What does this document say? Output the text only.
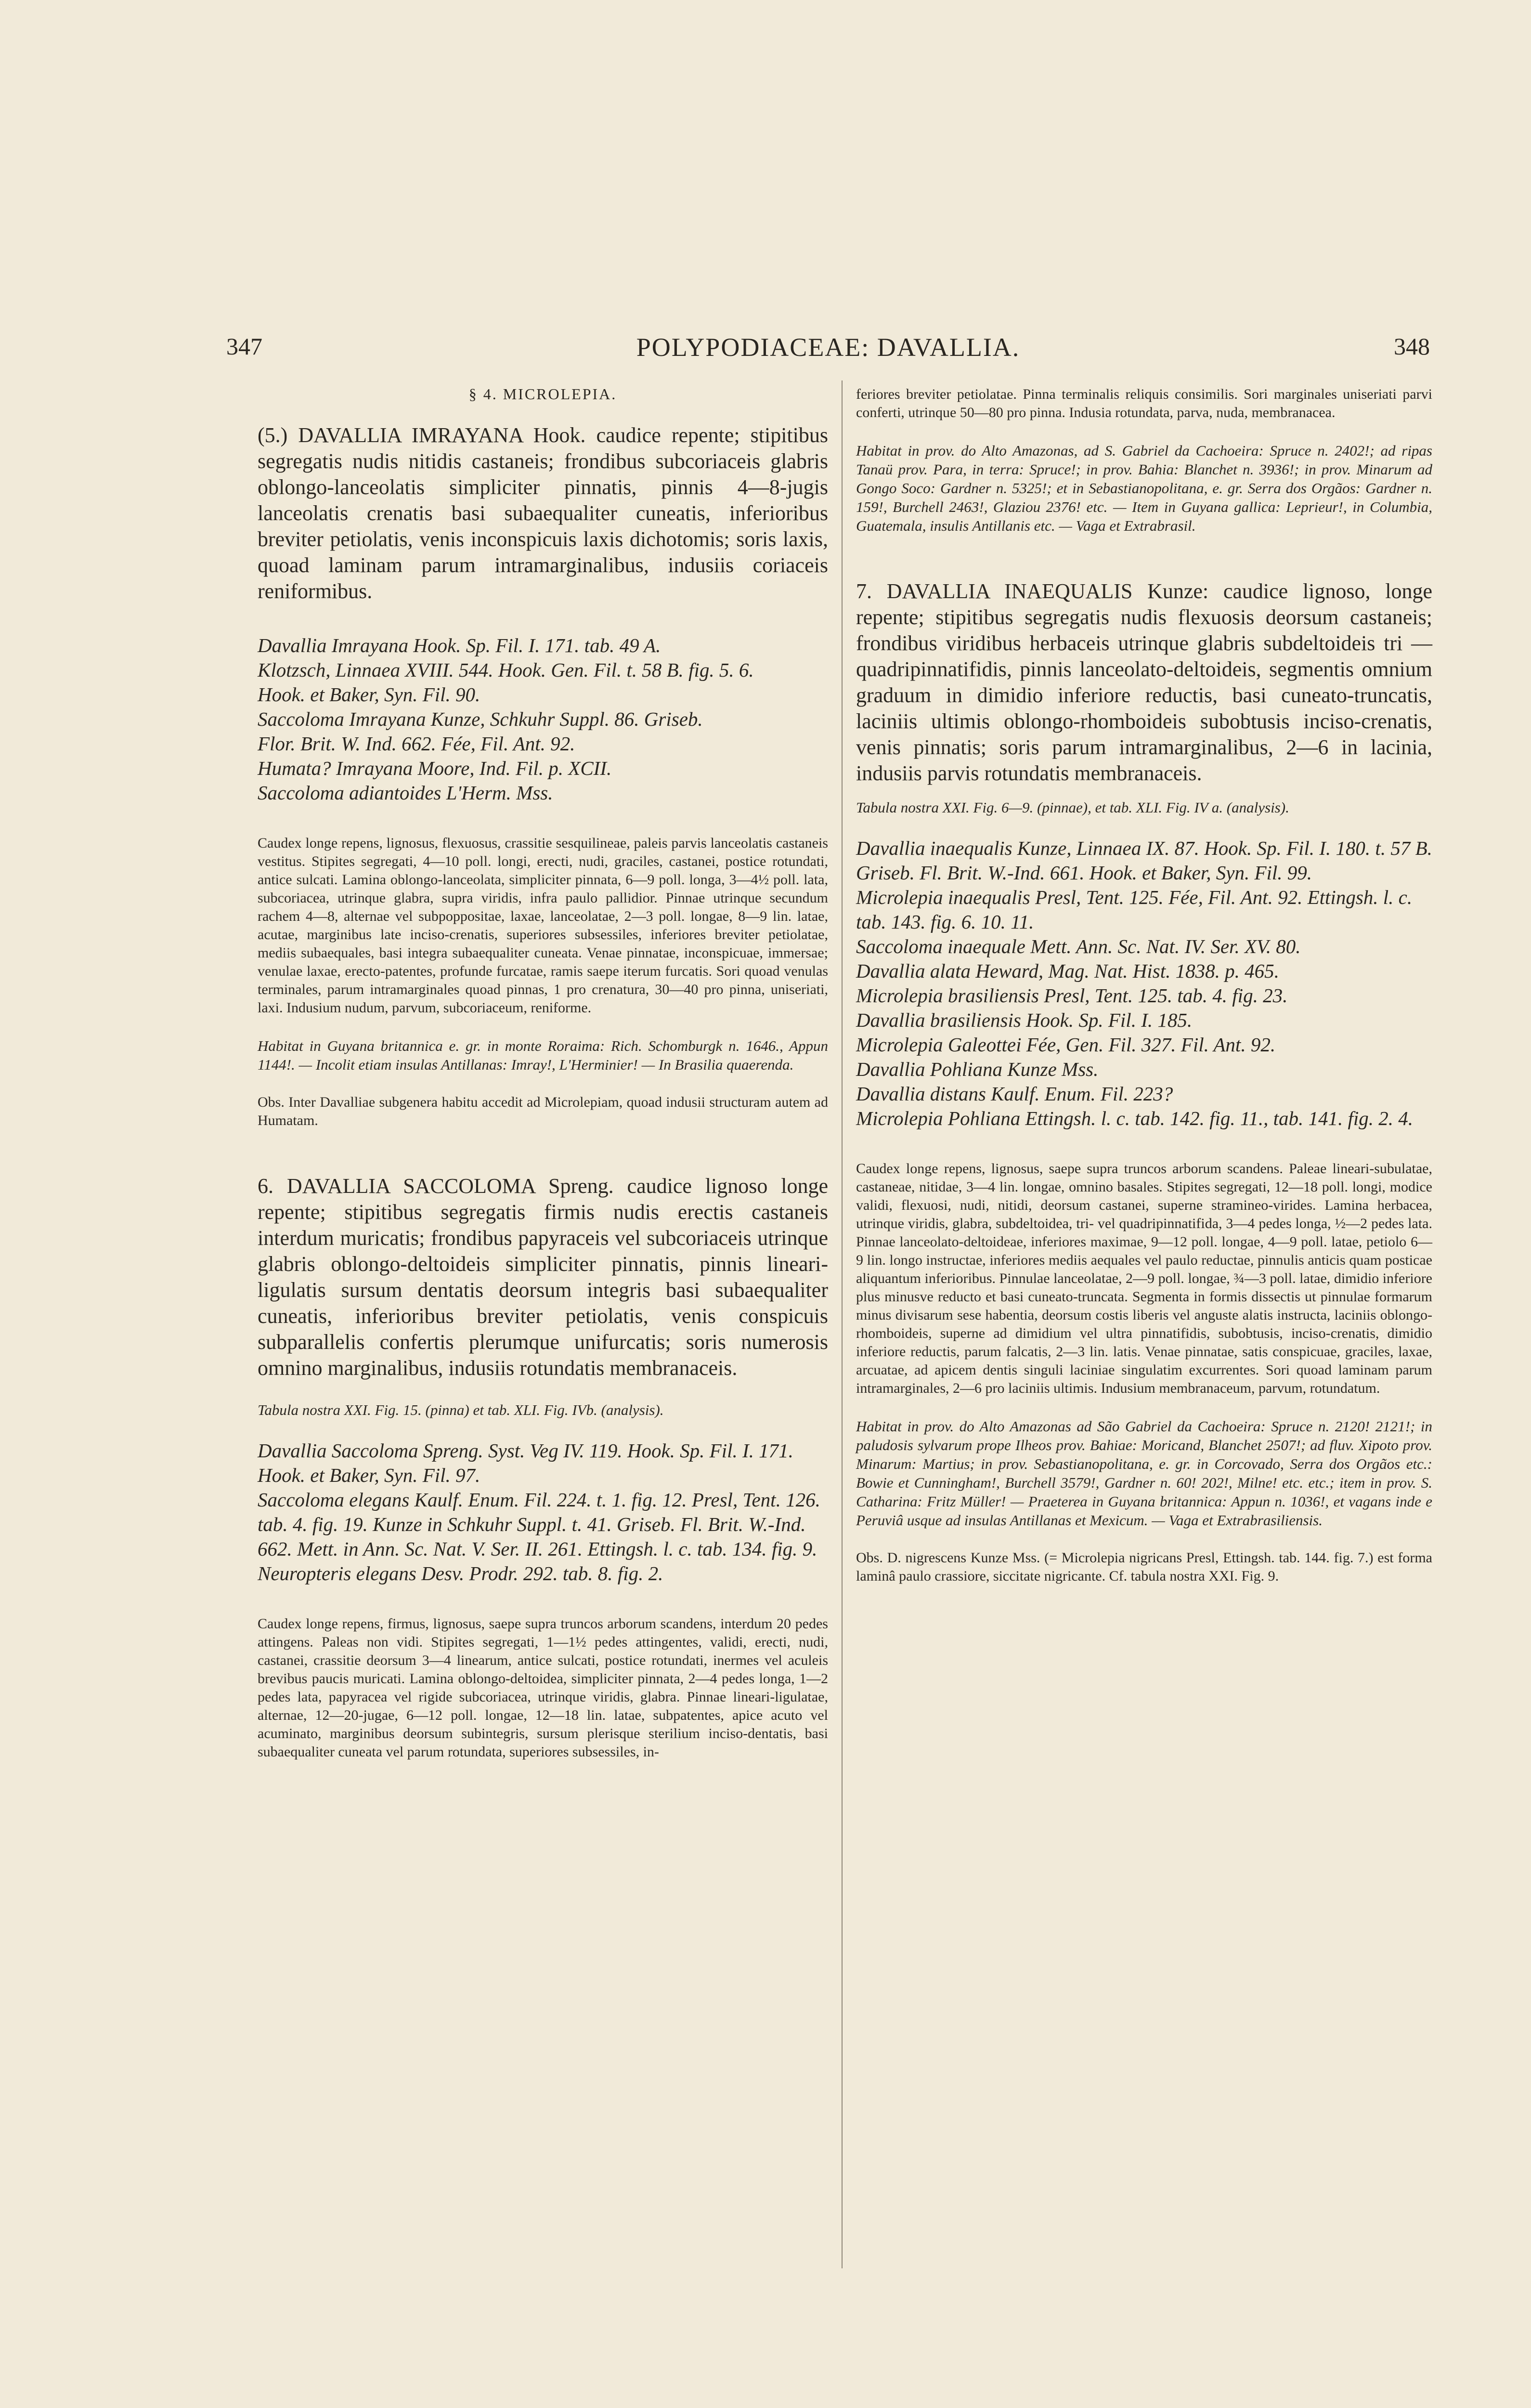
347	POLYPODIACEAE: DAVALLIA.	348
§ 4. MICROLEPIA.

(5.) DAVALLIA IMRAYANA Hook. caudice repente; stipitibus segregatis nudis nitidis castaneis; frondibus subcoriaceis glabris oblongo-lanceolatis simpliciter pinnatis, pinnis 4—8-jugis lanceolatis crenatis basi subaequaliter cuneatis, inferioribus breviter petiolatis, venis inconspicuis laxis dichotomis; soris laxis, quoad laminam parum intramarginalibus, indusiis coriaceis reniformibus.

Davallia Imrayana Hook. Sp. Fil. I. 171. tab. 49 A.
Klotzsch, Linnaea XVIII. 544. Hook. Gen. Fil. t. 58 B. fig. 5. 6.
Hook. et Baker, Syn. Fil. 90.
Saccoloma Imrayana Kunze, Schkuhr Suppl. 86. Griseb.
Flor. Brit. W. Ind. 662. Fée, Fil. Ant. 92.
Humata? Imrayana Moore, Ind. Fil. p. XCII.
Saccoloma adiantoides L'Herm. Mss.

Caudex longe repens, lignosus, flexuosus, crassitie sesquilineae, paleis parvis lanceolatis castaneis vestitus. Stipites segregati, 4—10 poll. longi, erecti, nudi, graciles, castanei, postice rotundati, antice sulcati. Lamina oblongo-lanceolata, simpliciter pinnata, 6—9 poll. longa, 3—4½ poll. lata, subcoriacea, utrinque glabra, supra viridis, infra paulo pallidior. Pinnae utrinque secundum rachem 4—8, alternae vel subpoppositae, laxae, lanceolatae, 2—3 poll. longae, 8—9 lin. latae, acutae, marginibus late inciso-crenatis, superiores subsessiles, inferiores breviter petiolatae, mediis subaequales, basi integra subaequaliter cuneata. Venae pinnatae, inconspicuae, immersae; venulae laxae, erecto-patentes, profunde furcatae, ramis saepe iterum furcatis. Sori quoad venulas terminales, parum intramarginales quoad pinnas, 1 pro crenatura, 30—40 pro pinna, uniseriati, laxi. Indusium nudum, parvum, subcoriaceum, reniforme.

Habitat in Guyana britannica e. gr. in monte Roraima: Rich. Schomburgk n. 1646., Appun 1144!. — Incolit etiam insulas Antillanas: Imray!, L'Herminier! — In Brasilia quaerenda.

Obs. Inter Davalliae subgenera habitu accedit ad Microlepiam, quoad indusii structuram autem ad Humatam.

6. DAVALLIA SACCOLOMA Spreng. caudice lignoso longe repente; stipitibus segregatis firmis nudis erectis castaneis interdum muricatis; frondibus papyraceis vel subcoriaceis utrinque glabris oblongo-deltoideis simpliciter pinnatis, pinnis lineari-ligulatis sursum dentatis deorsum integris basi subaequaliter cuneatis, inferioribus breviter petiolatis, venis conspicuis subparallelis confertis plerumque unifurcatis; soris numerosis omnino marginalibus, indusiis rotundatis membranaceis.

Tabula nostra XXI. Fig. 15. (pinna) et tab. XLI. Fig. IVb. (analysis).

Davallia Saccoloma Spreng. Syst. Veg IV. 119. Hook. Sp. Fil. I. 171. Hook. et Baker, Syn. Fil. 97.
Saccoloma elegans Kaulf. Enum. Fil. 224. t. 1. fig. 12. Presl, Tent. 126. tab. 4. fig. 19. Kunze in Schkuhr Suppl. t. 41. Griseb. Fl. Brit. W.-Ind. 662. Mett. in Ann. Sc. Nat. V. Ser. II. 261. Ettingsh. l. c. tab. 134. fig. 9.
Neuropteris elegans Desv. Prodr. 292. tab. 8. fig. 2.

Caudex longe repens, firmus, lignosus, saepe supra truncos arborum scandens, interdum 20 pedes attingens. Paleas non vidi. Stipites segregati, 1—1½ pedes attingentes, validi, erecti, nudi, castanei, crassitie deorsum 3—4 linearum, antice sulcati, postice rotundati, inermes vel aculeis brevibus paucis muricati. Lamina oblongo-deltoidea, simpliciter pinnata, 2—4 pedes longa, 1—2 pedes lata, papyracea vel rigide subcoriacea, utrinque viridis, glabra. Pinnae lineari-ligulatae, alternae, 12—20-jugae, 6—12 poll. longae, 12—18 lin. latae, subpatentes, apice acuto vel acuminato, marginibus deorsum subintegris, sursum plerisque sterilium inciso-dentatis, basi subaequaliter cuneata vel parum rotundata, superiores subsessiles, in-

feriores breviter petiolatae. Pinna terminalis reliquis consimilis. Sori marginales uniseriati parvi conferti, utrinque 50—80 pro pinna. Indusia rotundata, parva, nuda, membranacea.

Habitat in prov. do Alto Amazonas, ad S. Gabriel da Cachoeira: Spruce n. 2402!; ad ripas Tanaü prov. Para, in terra: Spruce!; in prov. Bahia: Blanchet n. 3936!; in prov. Minarum ad Gongo Soco: Gardner n. 5325!; et in Sebastianopolitana, e. gr. Serra dos Orgãos: Gardner n. 159!, Burchell 2463!, Glaziou 2376! etc. — Item in Guyana gallica: Leprieur!, in Columbia, Guatemala, insulis Antillanis etc. — Vaga et Extrabrasil.

7. DAVALLIA INAEQUALIS Kunze: caudice lignoso, longe repente; stipitibus segregatis nudis flexuosis deorsum castaneis; frondibus viridibus herbaceis utrinque glabris subdeltoideis tri — quadripinnatifidis, pinnis lanceolato-deltoideis, segmentis omnium graduum in dimidio inferiore reductis, basi cuneato-truncatis, laciniis ultimis oblongo-rhomboideis subobtusis inciso-crenatis, venis pinnatis; soris parum intramarginalibus, 2—6 in lacinia, indusiis parvis rotundatis membranaceis.

Tabula nostra XXI. Fig. 6—9. (pinnae), et tab. XLI. Fig. IV a. (analysis).

Davallia inaequalis Kunze, Linnaea IX. 87. Hook. Sp. Fil. I. 180. t. 57 B. Griseb. Fl. Brit. W.-Ind. 661. Hook. et Baker, Syn. Fil. 99.
Microlepia inaequalis Presl, Tent. 125. Fée, Fil. Ant. 92. Ettingsh. l. c. tab. 143. fig. 6. 10. 11.
Saccoloma inaequale Mett. Ann. Sc. Nat. IV. Ser. XV. 80.
Davallia alata Heward, Mag. Nat. Hist. 1838. p. 465.
Microlepia brasiliensis Presl, Tent. 125. tab. 4. fig. 23.
Davallia brasiliensis Hook. Sp. Fil. I. 185.
Microlepia Galeottei Fée, Gen. Fil. 327. Fil. Ant. 92.
Davallia Pohliana Kunze Mss.
Davallia distans Kaulf. Enum. Fil. 223?
Microlepia Pohliana Ettingsh. l. c. tab. 142. fig. 11., tab. 141. fig. 2. 4.

Caudex longe repens, lignosus, saepe supra truncos arborum scandens. Paleae lineari-subulatae, castaneae, nitidae, 3—4 lin. longae, omnino basales. Stipites segregati, 12—18 poll. longi, modice validi, flexuosi, nudi, nitidi, deorsum castanei, superne stramineo-virides. Lamina herbacea, utrinque viridis, glabra, subdeltoidea, tri- vel quadripinnatifida, 3—4 pedes longa, ½—2 pedes lata. Pinnae lanceolato-deltoideae, inferiores maximae, 9—12 poll. longae, 4—9 poll. latae, petiolo 6—9 lin. longo instructae, inferiores mediis aequales vel paulo reductae, pinnulis anticis quam posticae aliquantum inferioribus. Pinnulae lanceolatae, 2—9 poll. longae, ¾—3 poll. latae, dimidio inferiore plus minusve reducto et basi cuneato-truncata. Segmenta in formis dissectis ut pinnulae formarum minus divisarum sese habentia, deorsum costis liberis vel anguste alatis instructa, laciniis oblongo-rhomboideis, superne ad dimidium vel ultra pinnatifidis, subobtusis, inciso-crenatis, dimidio inferiore reductis, parum falcatis, 2—3 lin. latis. Venae pinnatae, satis conspicuae, graciles, laxae, arcuatae, ad apicem dentis singuli laciniae singulatim excurrentes. Sori quoad laminam parum intramarginales, 2—6 pro laciniis ultimis. Indusium membranaceum, parvum, rotundatum.

Habitat in prov. do Alto Amazonas ad São Gabriel da Cachoeira: Spruce n. 2120! 2121!; in paludosis sylvarum prope Ilheos prov. Bahiae: Moricand, Blanchet 2507!; ad fluv. Xipoto prov. Minarum: Martius; in prov. Sebastianopolitana, e. gr. in Corcovado, Serra dos Orgãos etc.: Bowie et Cunningham!, Burchell 3579!, Gardner n. 60! 202!, Milne! etc. etc.; item in prov. S. Catharina: Fritz Müller! — Praeterea in Guyana britannica: Appun n. 1036!, et vagans inde e Peruviâ usque ad insulas Antillanas et Mexicum. — Vaga et Extrabrasiliensis.

Obs. D. nigrescens Kunze Mss. (= Microlepia nigricans Presl, Ettingsh. tab. 144. fig. 7.) est forma laminâ paulo crassiore, siccitate nigricante. Cf. tabula nostra XXI. Fig. 9.
